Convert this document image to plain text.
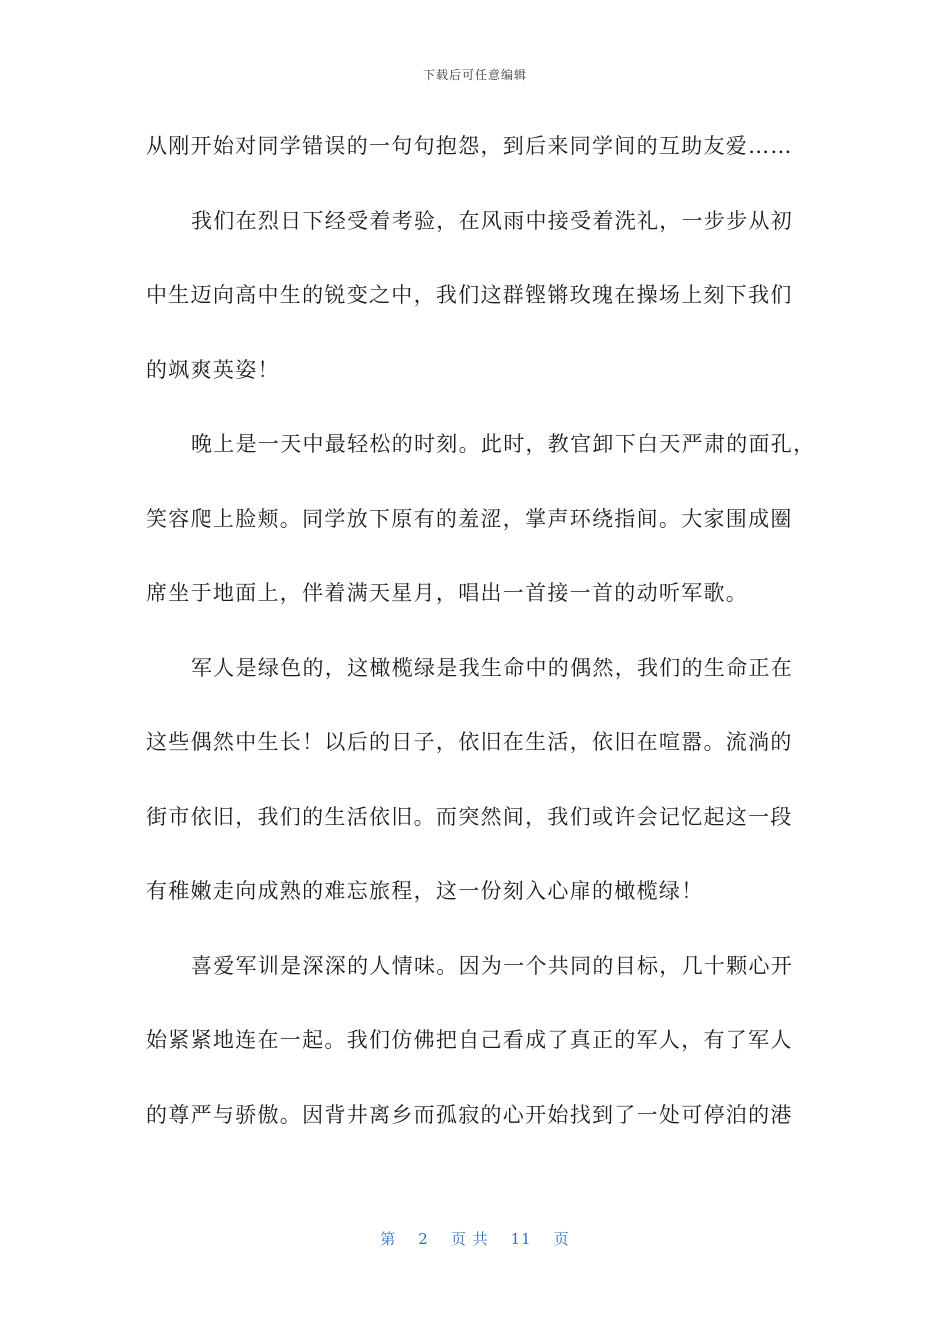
下载后可任意编辑
从刚开始对同学错误的一句句抱怨，到后来同学间的互助友爱……
我们在烈日下经受着考验，在风雨中接受着洗礼，一步步从初
中生迈向高中生的锐变之中，我们这群铿锵玫瑰在操场上刻下我们
的飒爽英姿！
晚上是一天中最轻松的时刻。此时，教官卸下白天严肃的面孔，
笑容爬上脸颊。同学放下原有的羞涩，掌声环绕指间。大家围成圈
席坐于地面上，伴着满天星月，唱出一首接一首的动听军歌。
军人是绿色的，这橄榄绿是我生命中的偶然，我们的生命正在
这些偶然中生长！以后的日子，依旧在生活，依旧在喧嚣。流淌的
街市依旧，我们的生活依旧。而突然间，我们或许会记忆起这一段
有稚嫩走向成熟的难忘旅程，这一份刻入心扉的橄榄绿！
喜爱军训是深深的人情味。因为一个共同的目标，几十颗心开
始紧紧地连在一起。我们仿佛把自己看成了真正的军人，有了军人
的尊严与骄傲。因背井离乡而孤寂的心开始找到了一处可停泊的港
第 2 页 共 11 页
